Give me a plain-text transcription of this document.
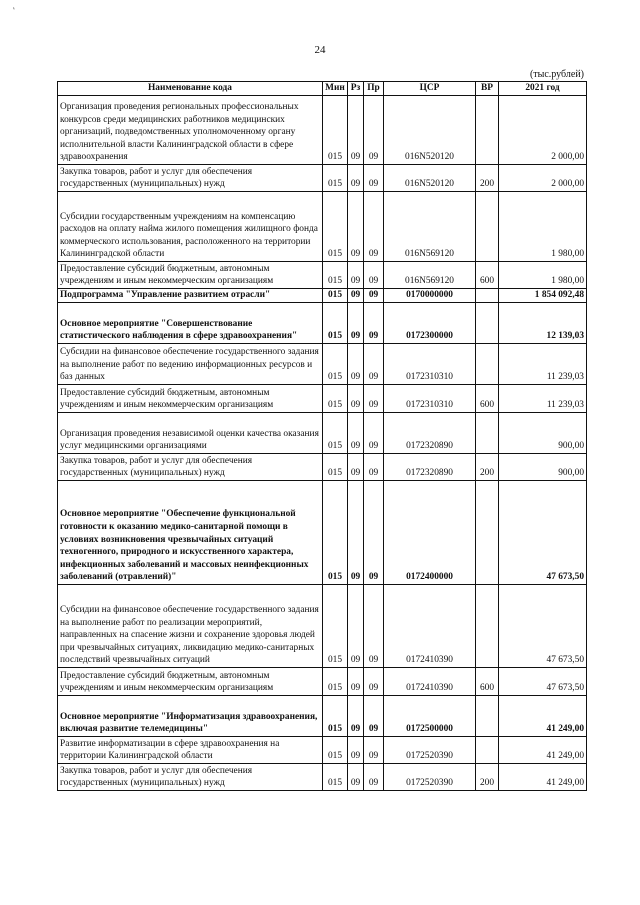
`
24
(тыс.рублей)
Наименование кода	Мин	Рз	Пр	ЦСР	ВР	2021 год
Организация проведения региональных профессиональных конкурсов среди медицинских работников медицинских организаций, подведомственных уполномоченному органу исполнительной власти Калининградской области в сфере здравоохранения	015	09	09	016N520120		2 000,00
Закупка товаров, работ и услуг для обеспечения государственных (муниципальных) нужд	015	09	09	016N520120	200	2 000,00
Субсидии государственным учреждениям на компенсацию расходов на оплату найма жилого помещения жилищного фонда коммерческого использования, расположенного на территории Калининградской области	015	09	09	016N569120		1 980,00
Предоставление субсидий бюджетным, автономным учреждениям и иным некоммерческим организациям	015	09	09	016N569120	600	1 980,00
Подпрограмма "Управление развитием отрасли"	015	09	09	0170000000		1 854 092,48
Основное мероприятие "Совершенствование статистического наблюдения в сфере здравоохранения"	015	09	09	0172300000		12 139,03
Субсидии на финансовое обеспечение государственного задания на выполнение работ по ведению информационных ресурсов и баз данных	015	09	09	0172310310		11 239,03
Предоставление субсидий бюджетным, автономным учреждениям и иным некоммерческим организациям	015	09	09	0172310310	600	11 239,03
Организация проведения независимой оценки качества оказания услуг медицинскими организациями	015	09	09	0172320890		900,00
Закупка товаров, работ и услуг для обеспечения государственных (муниципальных) нужд	015	09	09	0172320890	200	900,00
Основное мероприятие "Обеспечение функциональной готовности к оказанию медико-санитарной помощи в условиях возникновения чрезвычайных ситуаций техногенного, природного и искусственного характера, инфекционных заболеваний и массовых неинфекционных заболеваний (отравлений)"	015	09	09	0172400000		47 673,50
Субсидии на финансовое обеспечение государственного задания на выполнение работ по реализации мероприятий, направленных на спасение жизни и сохранение здоровья людей при чрезвычайных ситуациях, ликвидацию медико-санитарных последствий чрезвычайных ситуаций	015	09	09	0172410390		47 673,50
Предоставление субсидий бюджетным, автономным учреждениям и иным некоммерческим организациям	015	09	09	0172410390	600	47 673,50
Основное мероприятие "Информатизация здравоохранения, включая развитие телемедицины"	015	09	09	0172500000		41 249,00
Развитие информатизации в сфере здравоохранения на территории Калининградской области	015	09	09	0172520390		41 249,00
Закупка товаров, работ и услуг для обеспечения государственных (муниципальных) нужд	015	09	09	0172520390	200	41 249,00
